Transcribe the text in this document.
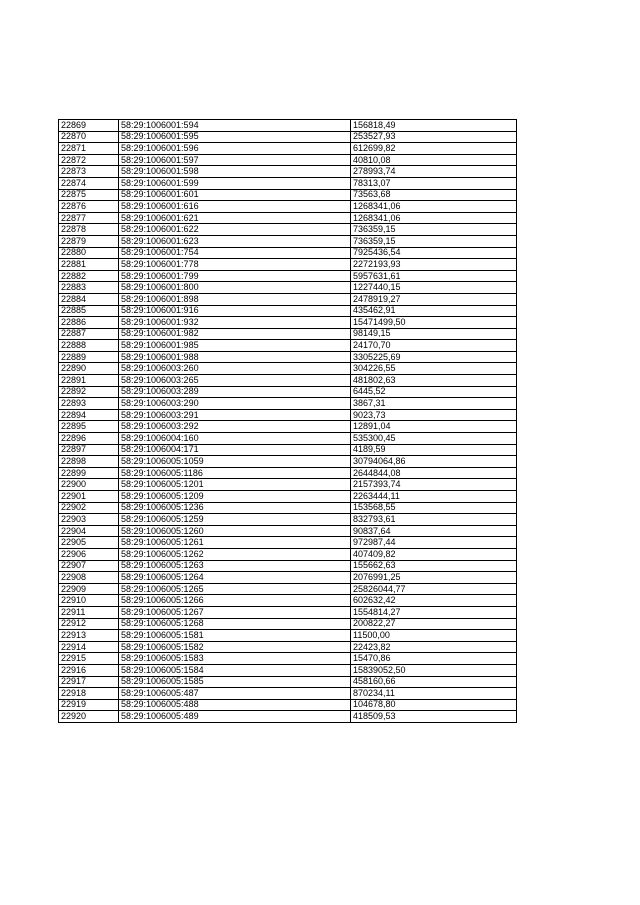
22869	58:29:1006001:594	156818,49
22870	58:29:1006001:595	253527,93
22871	58:29:1006001:596	612699,82
22872	58:29:1006001:597	40810,08
22873	58:29:1006001:598	278993,74
22874	58:29:1006001:599	78313,07
22875	58:29:1006001:601	73563,68
22876	58:29:1006001:616	1268341,06
22877	58:29:1006001:621	1268341,06
22878	58:29:1006001:622	736359,15
22879	58:29:1006001:623	736359,15
22880	58:29:1006001:754	7925436,54
22881	58:29:1006001:778	2272193,93
22882	58:29:1006001:799	5957631,61
22883	58:29:1006001:800	1227440,15
22884	58:29:1006001:898	2478919,27
22885	58:29:1006001:916	435462,91
22886	58:29:1006001:932	15471499,50
22887	58:29:1006001:982	98149,15
22888	58:29:1006001:985	24170,70
22889	58:29:1006001:988	3305225,69
22890	58:29:1006003:260	304226,55
22891	58:29:1006003:265	481802,63
22892	58:29:1006003:289	6445,52
22893	58:29:1006003:290	3867,31
22894	58:29:1006003:291	9023,73
22895	58:29:1006003:292	12891,04
22896	58:29:1006004:160	535300,45
22897	58:29:1006004:171	4189,59
22898	58:29:1006005:1059	30794064,86
22899	58:29:1006005:1186	2644844,08
22900	58:29:1006005:1201	2157393,74
22901	58:29:1006005:1209	2263444,11
22902	58:29:1006005:1236	153568,55
22903	58:29:1006005:1259	832793,61
22904	58:29:1006005:1260	90837,64
22905	58:29:1006005:1261	972987,44
22906	58:29:1006005:1262	407409,82
22907	58:29:1006005:1263	155662,63
22908	58:29:1006005:1264	2076991,25
22909	58:29:1006005:1265	25826044,77
22910	58:29:1006005:1266	602632,42
22911	58:29:1006005:1267	1554814,27
22912	58:29:1006005:1268	200822,27
22913	58:29:1006005:1581	11500,00
22914	58:29:1006005:1582	22423,82
22915	58:29:1006005:1583	15470,86
22916	58:29:1006005:1584	15839052,50
22917	58:29:1006005:1585	458160,66
22918	58:29:1006005:487	870234,11
22919	58:29:1006005:488	104678,80
22920	58:29:1006005:489	418509,53
